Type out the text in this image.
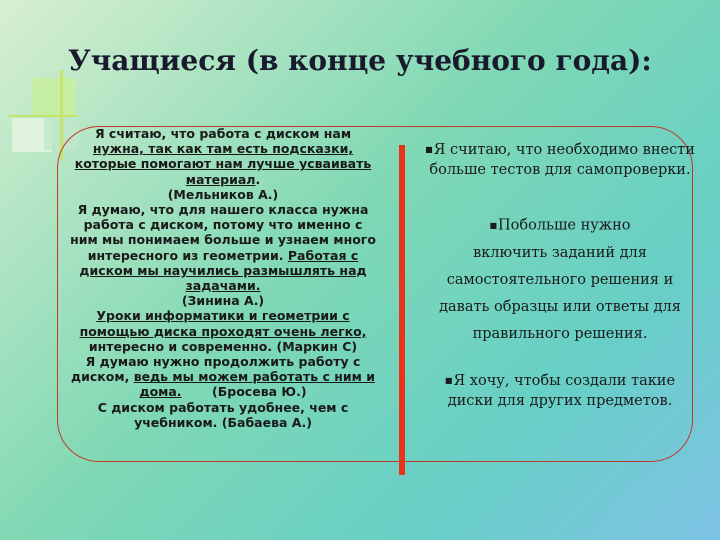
Учащиеся (в конце учебного года):

Я считаю, что работа с диском нам

нужна, так как там есть подсказки,

которые помогают нам лучше усваивать

материал.

(Мельников А.)

Я думаю, что для нашего класса нужна

работа с диском, потому что именно с

ним мы понимаем больше и узнаем много

интересного из геометрии. Работая с

диском мы научились размышлять над

задачами.

(Зинина А.)

Уроки информатики и геометрии с

помощью диска проходят очень легко,

интересно и современно. (Маркин С)

Я думаю нужно продолжить работу с

диском, ведь мы можем работать с ним и

дома. (Бросева Ю.)

С диском работать удобнее, чем с

учебником. (Бабаева А.)

■Я считаю, что необходимо внести
больше тестов для самопроверки.
■Побольше нужно
включить заданий для
самостоятельного решения и
давать образцы или ответы для
правильного решения.
■Я хочу, чтобы создали такие
диски для других предметов.
